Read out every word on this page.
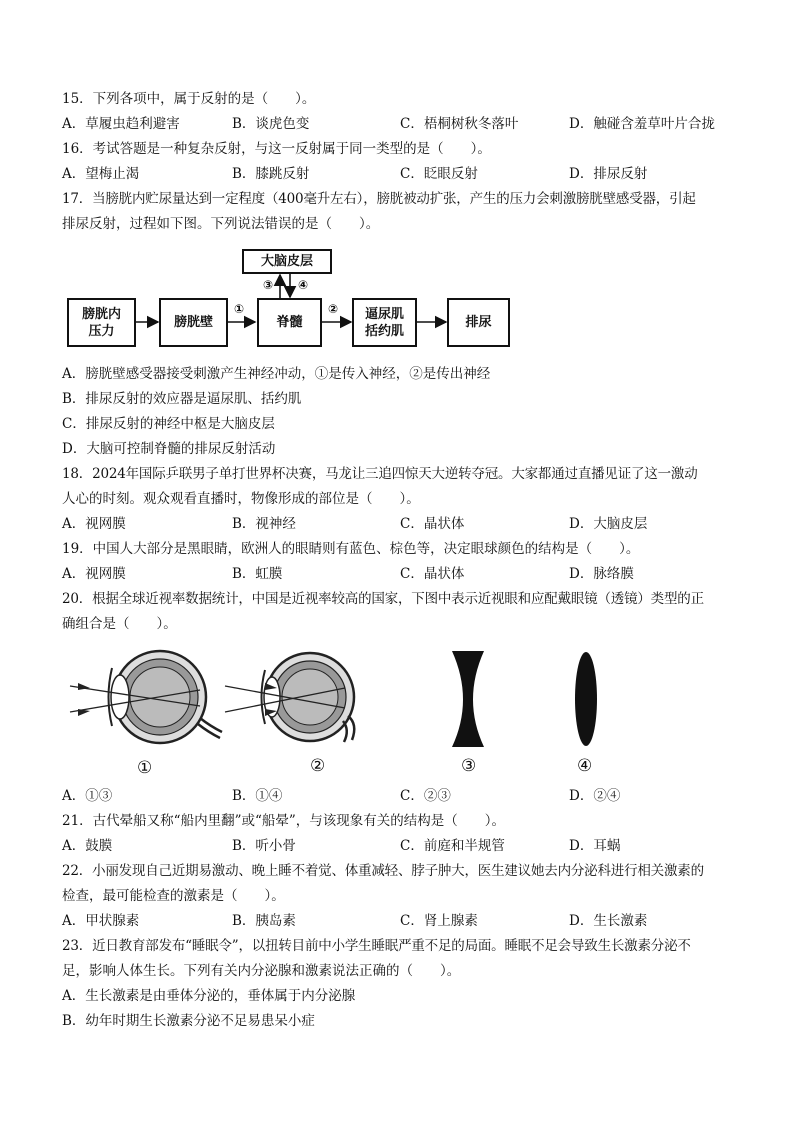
15．下列各项中，属于反射的是（　　）。
A．草履虫趋利避害	B．谈虎色变	C．梧桐树秋冬落叶	D．触碰含羞草叶片合拢
16．考试答题是一种复杂反射，与这一反射属于同一类型的是（　　）。
A．望梅止渴	B．膝跳反射	C．眨眼反射	D．排尿反射
17．当膀胱内贮尿量达到一定程度（400毫升左右），膀胱被动扩张，产生的压力会刺激膀胱壁感受器，引起
排尿反射，过程如下图。下列说法错误的是（　　）。
大脑皮层
膀胱内
压力
膀胱壁	脊髓
逼尿肌
括约肌
排尿
①	②
③ ④
A．膀胱壁感受器接受刺激产生神经冲动，①是传入神经，②是传出神经
B．排尿反射的效应器是逼尿肌、括约肌
C．排尿反射的神经中枢是大脑皮层
D．大脑可控制脊髓的排尿反射活动
18．2024年国际乒联男子单打世界杯决赛，马龙让三追四惊天大逆转夺冠。大家都通过直播见证了这一激动
人心的时刻。观众观看直播时，物像形成的部位是（　　）。
A．视网膜	B．视神经	C．晶状体	D．大脑皮层
19．中国人大部分是黑眼睛，欧洲人的眼睛则有蓝色、棕色等，决定眼球颜色的结构是（　　）。
A．视网膜	B．虹膜	C．晶状体	D．脉络膜
20．根据全球近视率数据统计，中国是近视率较高的国家，下图中表示近视眼和应配戴眼镜（透镜）类型的正
确组合是（　　）。
①	②	③	④
A．①③	B．①④	C．②③	D．②④
21．古代晕船又称“船内里翻”或“船晕”，与该现象有关的结构是（　　）。
A．鼓膜	B．听小骨	C．前庭和半规管	D．耳蜗
22．小丽发现自己近期易激动、晚上睡不着觉、体重减轻、脖子肿大，医生建议她去内分泌科进行相关激素的
检查，最可能检查的激素是（　　）。
A．甲状腺素	B．胰岛素	C．肾上腺素	D．生长激素
23．近日教育部发布“睡眠令”，以扭转目前中小学生睡眠严重不足的局面。睡眠不足会导致生长激素分泌不
足，影响人体生长。下列有关内分泌腺和激素说法正确的（　　）。
A．生长激素是由垂体分泌的，垂体属于内分泌腺
B．幼年时期生长激素分泌不足易患呆小症
